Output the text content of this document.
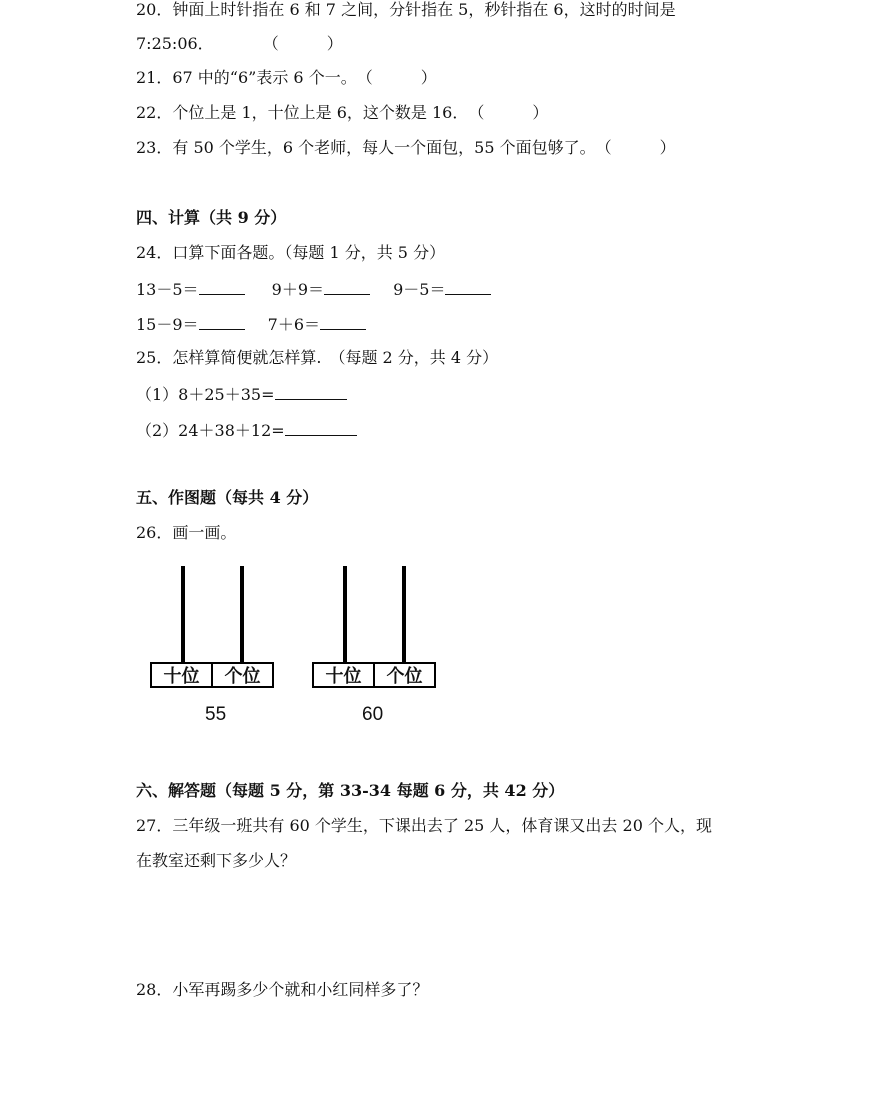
20．钟面上时针指在 6 和 7 之间，分针指在 5，秒针指在 6，这时的时间是
7:25:06．	（　　　）
21．67 中的“6”表示 6 个一。（　　　）
22．个位上是 1，十位上是 6，这个数是 16．（　　　）
23．有 50 个学生，6 个老师，每人一个面包，55 个面包够了。（　　　）
四、计算（共 9 分）
24．口算下面各题。（每题 1 分，共 5 分）
13－5＝	9＋9＝	9－5＝
15－9＝	7＋6＝
25．怎样算简便就怎样算.　（每题 2 分，共 4 分）
（1）8＋25＋35=
（2）24＋38＋12=
五、作图题（每共 4 分）
26．画一画。
十位	个位
55
十位	个位
60
六、解答题（每题 5 分，第 33-34 每题 6 分，共 42 分）
27．三年级一班共有 60 个学生，下课出去了 25 人，体育课又出去 20 个人，现
在教室还剩下多少人？
28．小军再踢多少个就和小红同样多了？
